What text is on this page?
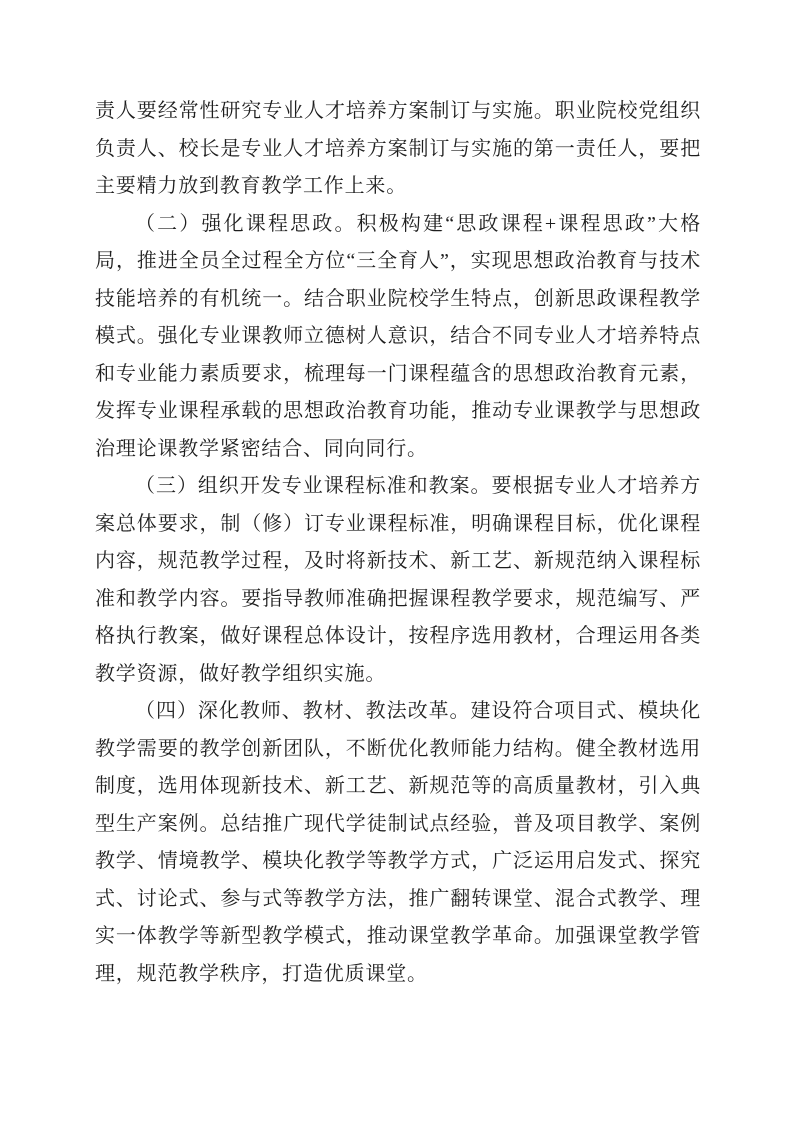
责人要经常性研究专业人才培养方案制订与实施。职业院校党组织负责人、校长是专业人才培养方案制订与实施的第一责任人，要把主要精力放到教育教学工作上来。

（二）强化课程思政。积极构建“思政课程+课程思政”大格局，推进全员全过程全方位“三全育人”，实现思想政治教育与技术技能培养的有机统一。结合职业院校学生特点，创新思政课程教学模式。强化专业课教师立德树人意识，结合不同专业人才培养特点和专业能力素质要求，梳理每一门课程蕴含的思想政治教育元素，发挥专业课程承载的思想政治教育功能，推动专业课教学与思想政治理论课教学紧密结合、同向同行。

（三）组织开发专业课程标准和教案。要根据专业人才培养方案总体要求，制（修）订专业课程标准，明确课程目标，优化课程内容，规范教学过程，及时将新技术、新工艺、新规范纳入课程标准和教学内容。要指导教师准确把握课程教学要求，规范编写、严格执行教案，做好课程总体设计，按程序选用教材，合理运用各类教学资源，做好教学组织实施。

（四）深化教师、教材、教法改革。建设符合项目式、模块化教学需要的教学创新团队，不断优化教师能力结构。健全教材选用制度，选用体现新技术、新工艺、新规范等的高质量教材，引入典型生产案例。总结推广现代学徒制试点经验，普及项目教学、案例教学、情境教学、模块化教学等教学方式，广泛运用启发式、探究式、讨论式、参与式等教学方法，推广翻转课堂、混合式教学、理实一体教学等新型教学模式，推动课堂教学革命。加强课堂教学管理，规范教学秩序，打造优质课堂。
